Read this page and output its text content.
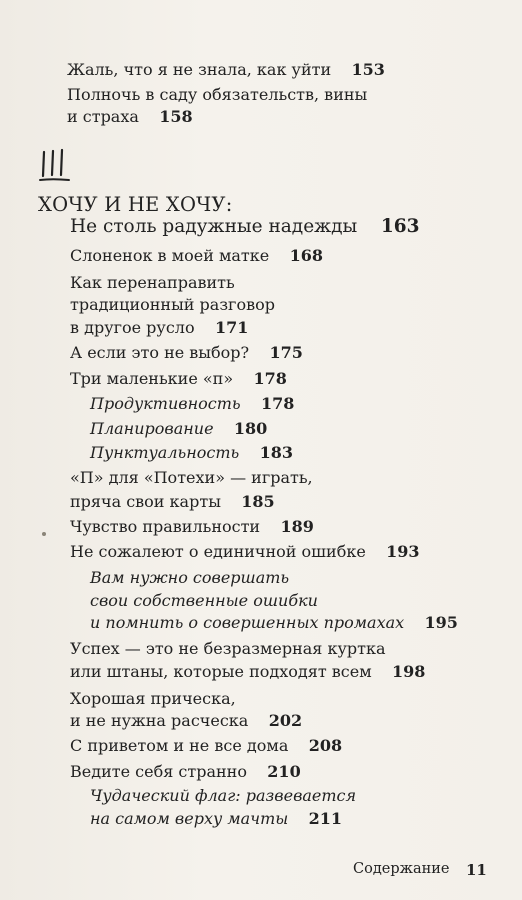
Жаль, что я не знала, как уйти 153
Полночь в саду обязательств, вины
и страха 158
ХОЧУ И НЕ ХОЧУ:
Не столь радужные надежды 163
Слоненок в моей матке 168
Как перенаправить
традиционный разговор
в другое русло 171
А если это не выбор? 175
Три маленькие «п» 178
Продуктивность 178
Планирование 180
Пунктуальность 183
«П» для «Потехи» — играть,
пряча свои карты 185
Чувство правильности 189
Не сожалеют о единичной ошибке 193
Вам нужно совершать
свои собственные ошибки
и помнить о совершенных промахах 195
Успех — это не безразмерная куртка
или штаны, которые подходят всем 198
Хорошая прическа,
и не нужна расческа 202
С приветом и не все дома 208
Ведите себя странно 210
Чудаческий флаг: развевается
на самом верху мачты 211
Содержание 11
